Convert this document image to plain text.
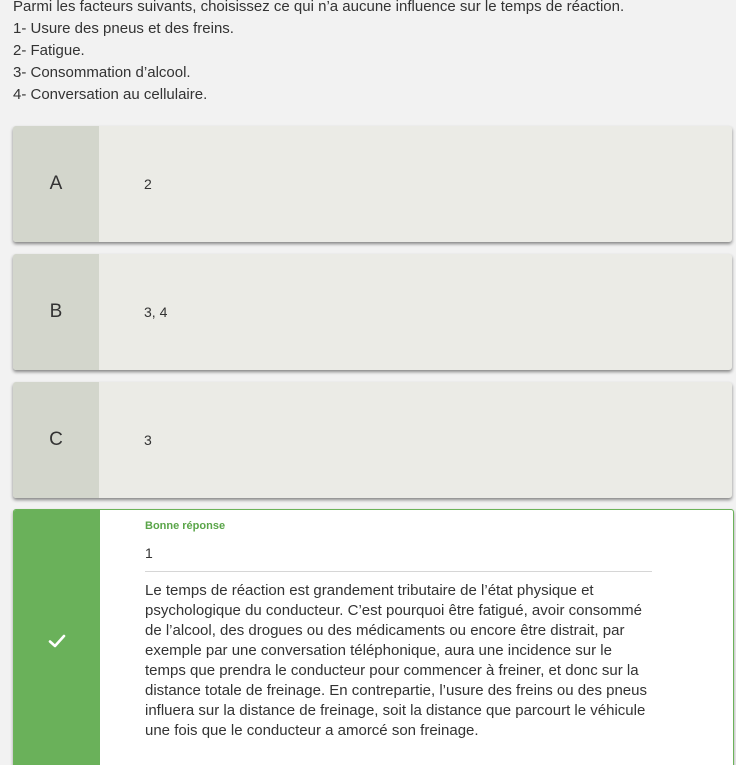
Parmi les facteurs suivants, choisissez ce qui n’a aucune influence sur le temps de réaction.
1- Usure des pneus et des freins.
2- Fatigue.
3- Consommation d’alcool.
4- Conversation au cellulaire.
A	2
B	3, 4
C	3
Bonne réponse
1
Le temps de réaction est grandement tributaire de l’état physique et psychologique du conducteur. C’est pourquoi être fatigué, avoir consommé de l’alcool, des drogues ou des médicaments ou encore être distrait, par exemple par une conversation téléphonique, aura une incidence sur le temps que prendra le conducteur pour commencer à freiner, et donc sur la distance totale de freinage. En contrepartie, l’usure des freins ou des pneus influera sur la distance de freinage, soit la distance que parcourt le véhicule une fois que le conducteur a amorcé son freinage.
